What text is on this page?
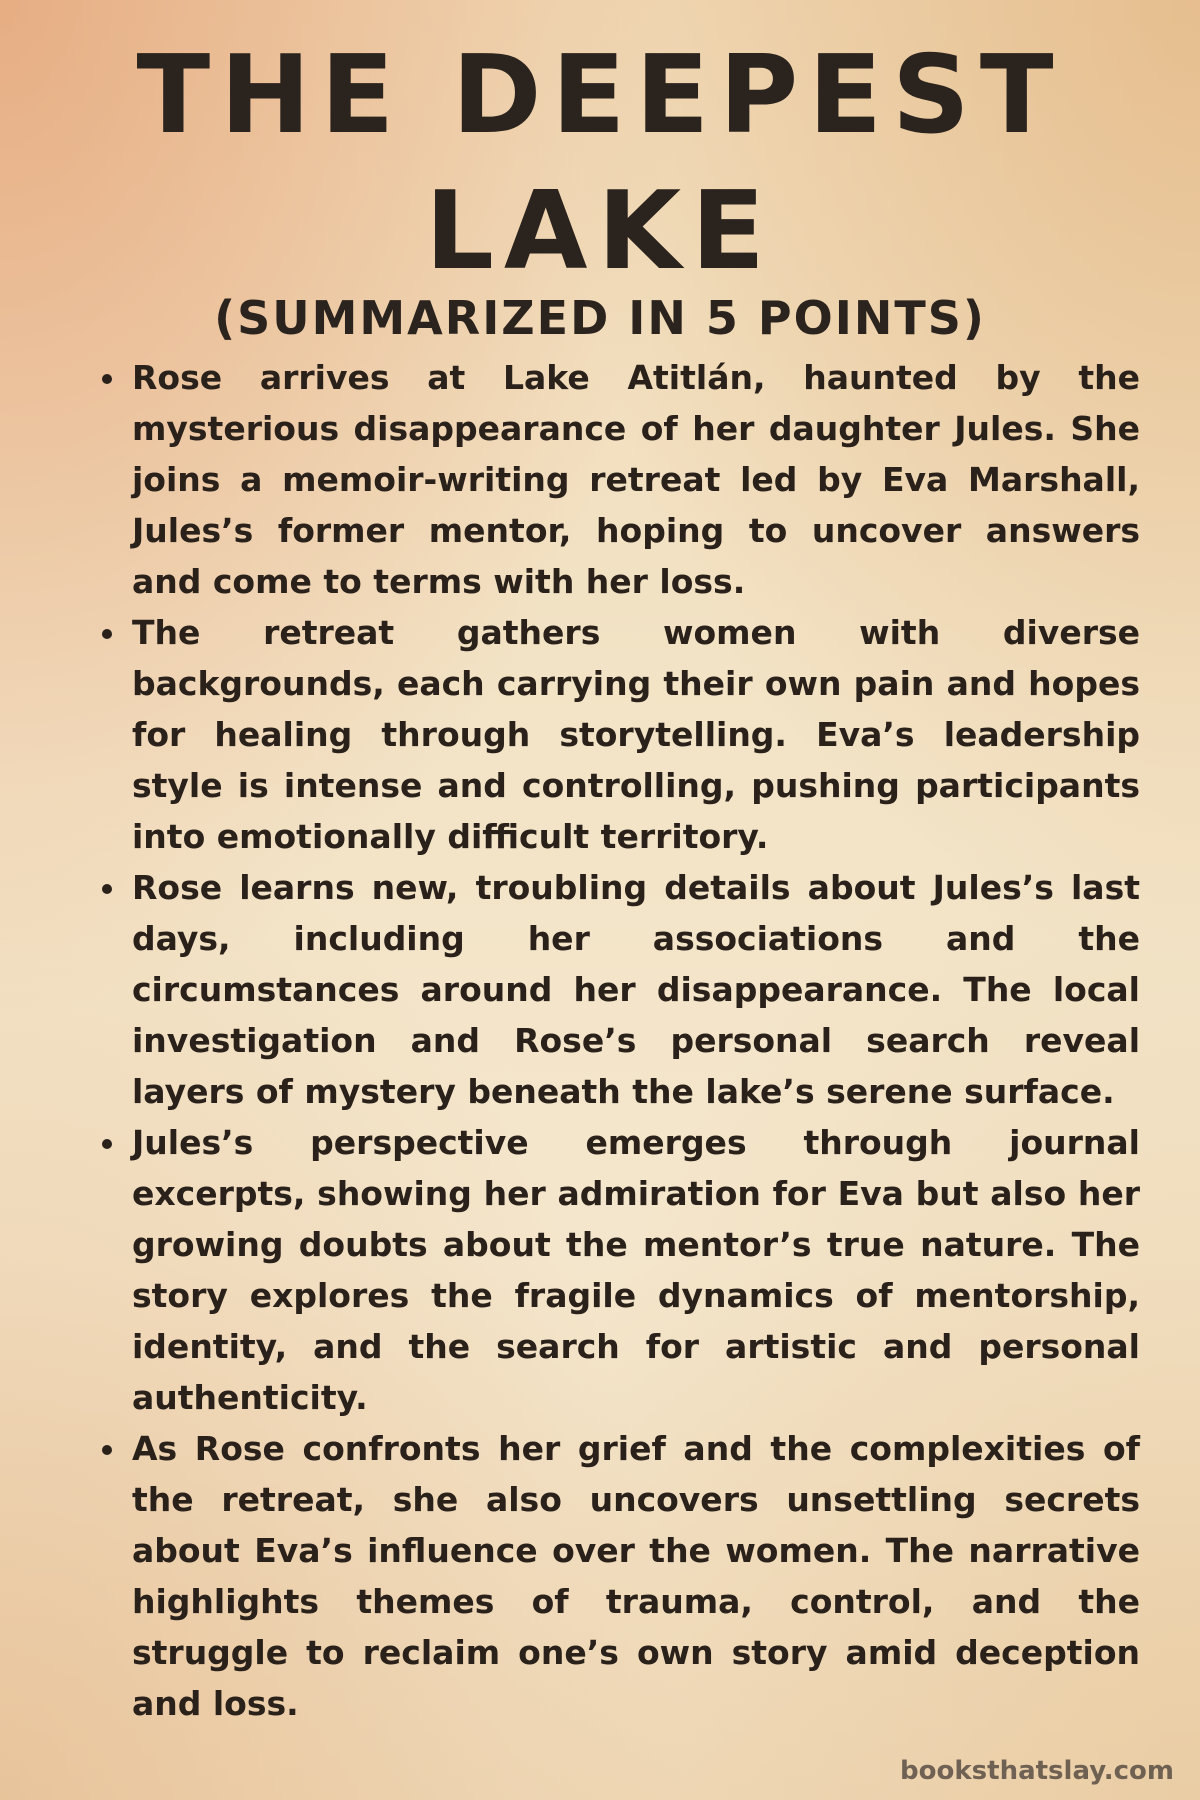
THE DEEPEST
LAKE
(SUMMARIZED IN 5 POINTS)
Rose arrives at Lake Atitlán, haunted by the mysterious disappearance of her daughter Jules. She joins a memoir-writing retreat led by Eva Marshall, Jules’s former mentor, hoping to uncover answers and come to terms with her loss.
The retreat gathers women with diverse backgrounds, each carrying their own pain and hopes for healing through storytelling. Eva’s leadership style is intense and controlling, pushing participants into emotionally difficult territory.
Rose learns new, troubling details about Jules’s last days, including her associations and the circumstances around her disappearance. The local investigation and Rose’s personal search reveal layers of mystery beneath the lake’s serene surface.
Jules’s perspective emerges through journal excerpts, showing her admiration for Eva but also her growing doubts about the mentor’s true nature. The story explores the fragile dynamics of mentorship, identity, and the search for artistic and personal authenticity.
As Rose confronts her grief and the complexities of the retreat, she also uncovers unsettling secrets about Eva’s influence over the women. The narrative highlights themes of trauma, control, and the struggle to reclaim one’s own story amid deception and loss.
booksthatslay.com
